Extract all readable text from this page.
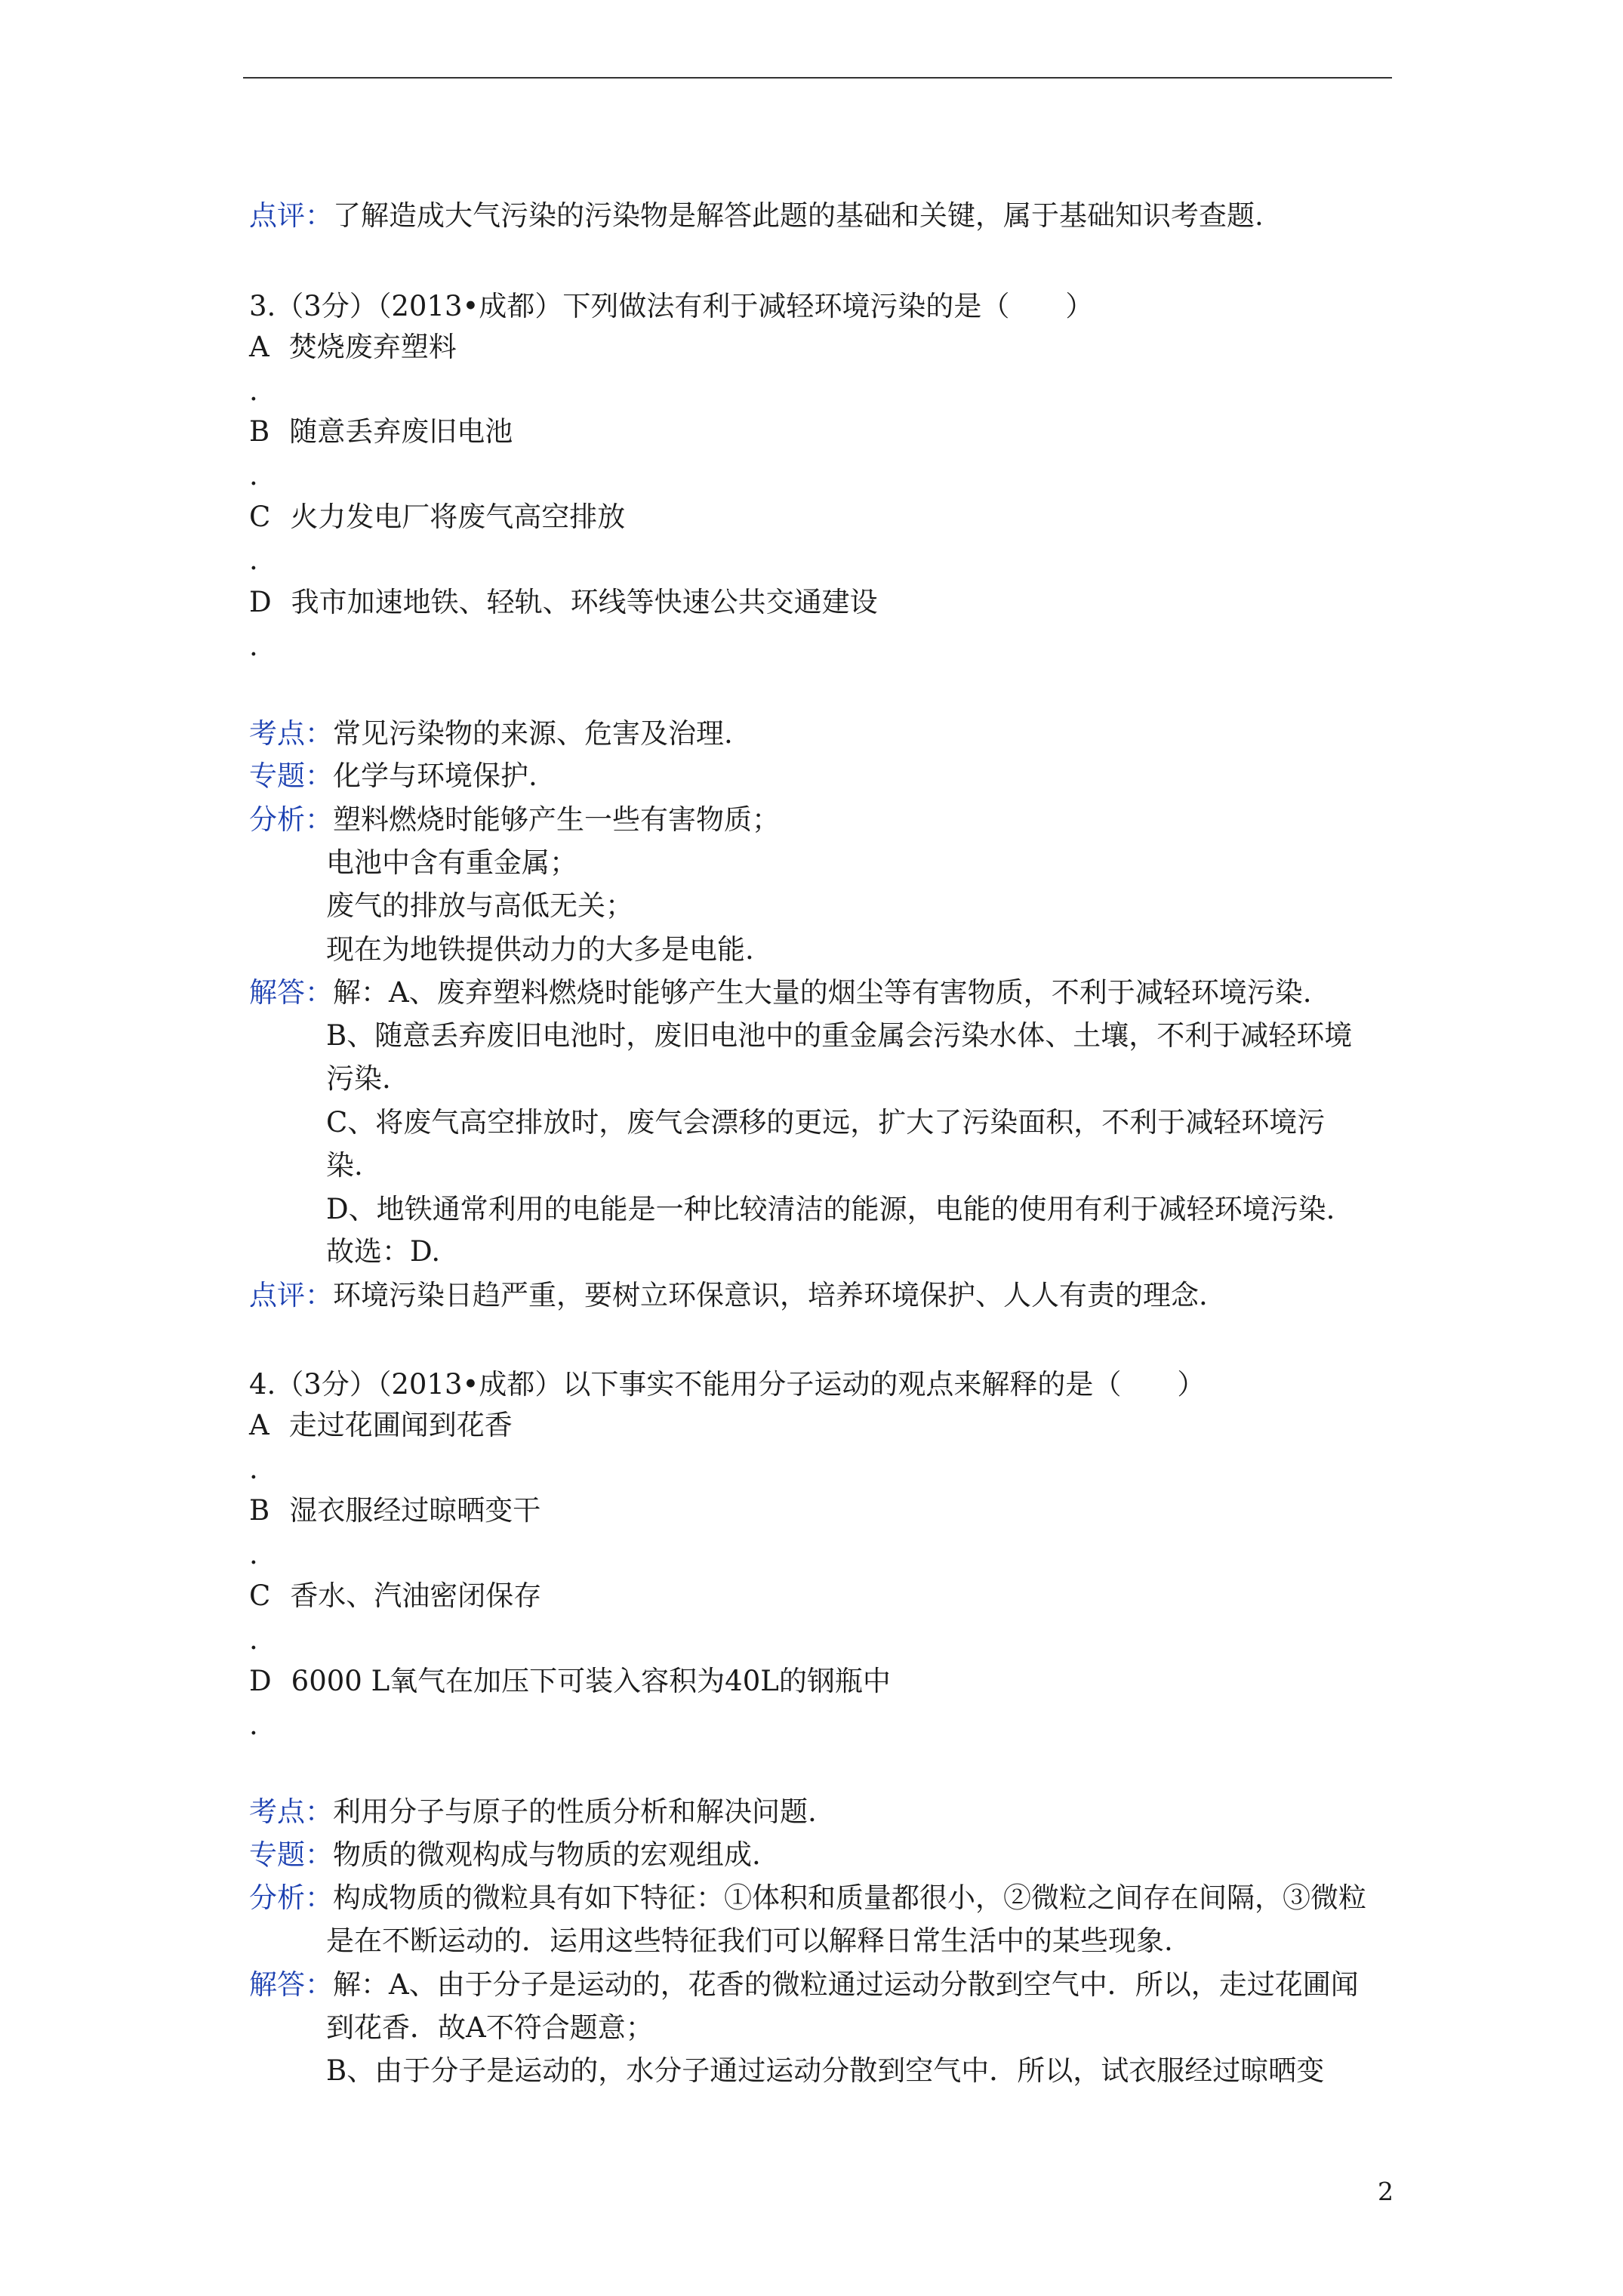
点评：了解造成大气污染的污染物是解答此题的基础和关键，属于基础知识考查题.
3.（3分）（2013•成都）下列做法有利于减轻环境污染的是（　　）
A 焚烧废弃塑料
.
B 随意丢弃废旧电池
.
C 火力发电厂将废气高空排放
.
D 我市加速地铁、轻轨、环线等快速公共交通建设
.
考点：常见污染物的来源、危害及治理.
专题：化学与环境保护.
分析：塑料燃烧时能够产生一些有害物质；
电池中含有重金属；
废气的排放与高低无关；
现在为地铁提供动力的大多是电能.
解答：解：A、废弃塑料燃烧时能够产生大量的烟尘等有害物质，不利于减轻环境污染.
B、随意丢弃废旧电池时，废旧电池中的重金属会污染水体、土壤，不利于减轻环境
污染.
C、将废气高空排放时，废气会漂移的更远，扩大了污染面积，不利于减轻环境污
染.
D、地铁通常利用的电能是一种比较清洁的能源，电能的使用有利于减轻环境污染.
故选：D.
点评：环境污染日趋严重，要树立环保意识，培养环境保护、人人有责的理念.
4.（3分）（2013•成都）以下事实不能用分子运动的观点来解释的是（　　）
A 走过花圃闻到花香
.
B 湿衣服经过晾晒变干
.
C 香水、汽油密闭保存
.
D 6000 L氧气在加压下可装入容积为40L的钢瓶中
.
考点：利用分子与原子的性质分析和解决问题.
专题：物质的微观构成与物质的宏观组成.
分析：构成物质的微粒具有如下特征：①体积和质量都很小，②微粒之间存在间隔，③微粒
是在不断运动的．运用这些特征我们可以解释日常生活中的某些现象.
解答：解：A、由于分子是运动的，花香的微粒通过运动分散到空气中．所以，走过花圃闻
到花香．故A不符合题意；
B、由于分子是运动的，水分子通过运动分散到空气中．所以，试衣服经过晾晒变
2
